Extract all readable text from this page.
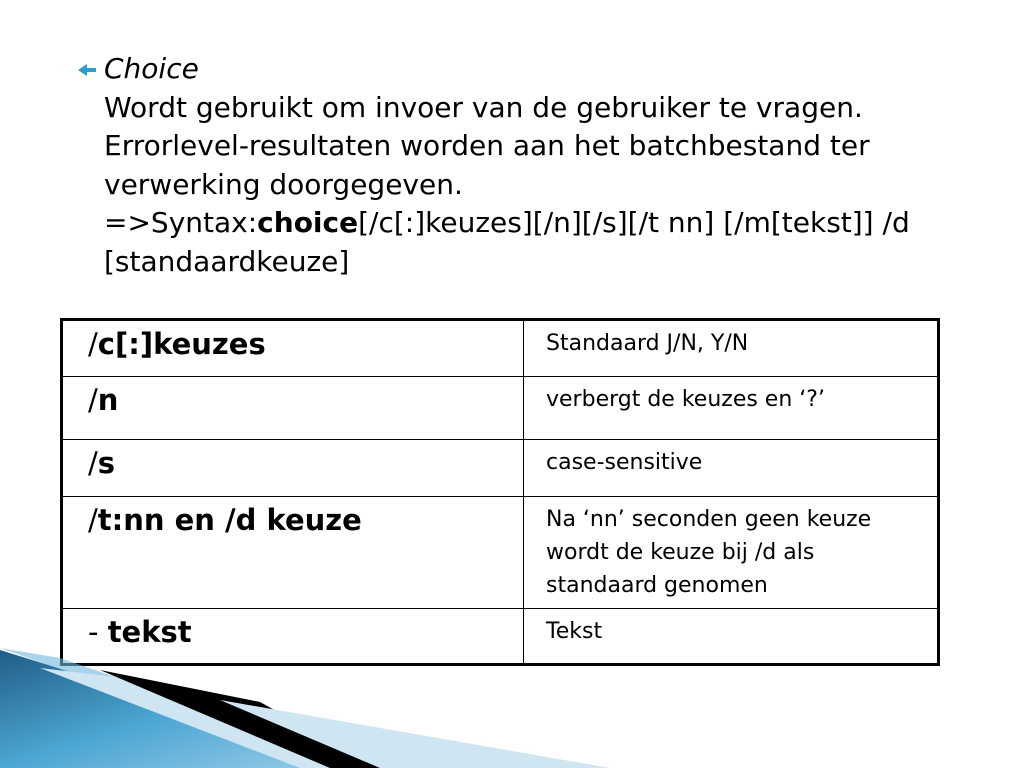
Choice
Wordt gebruikt om invoer van de gebruiker te vragen. Errorlevel-resultaten worden aan het batchbestand ter verwerking doorgegeven.
=>Syntax:choice[/c[:]keuzes][/n][/s][/t nn] [/m[tekst]] /d [standaardkeuze]
/c[:]keuzes	Standaard J/N, Y/N
/n	verbergt de keuzes en ‘?’
/s	case-sensitive
/t:nn en /d keuze	Na ‘nn’ seconden geen keuze wordt de keuze bij /d als standaard genomen
- tekst	Tekst
